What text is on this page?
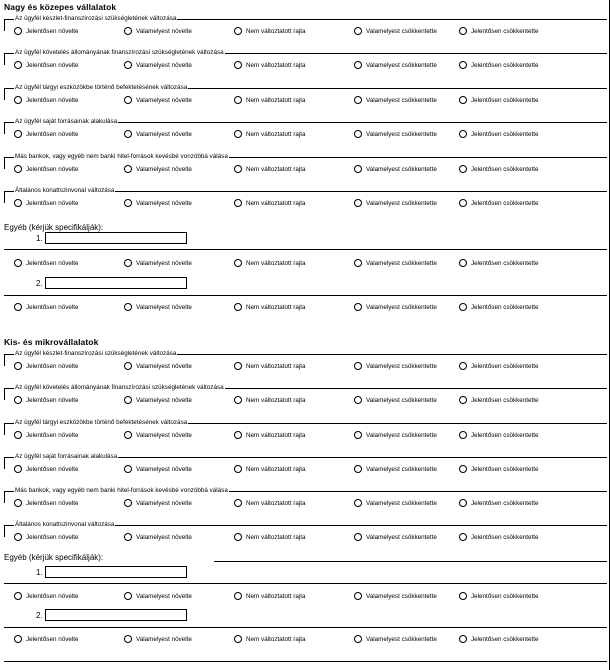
Nagy és közepes vállalatok
Az ügyfél készlet-finanszírozási szükségletének változása
Jelentősen növelte	Valamelyest növelte	Nem változtatott rajta	Valamelyest csökkentette	Jelentősen csökkentette
Az ügyfél követelés állományának finanszírozási szükségletének változása
Jelentősen növelte	Valamelyest növelte	Nem változtatott rajta	Valamelyest csökkentette	Jelentősen csökkentette
Az ügyfél tárgyi eszközökbe történő befektetésének változása
Jelentősen növelte	Valamelyest növelte	Nem változtatott rajta	Valamelyest csökkentette	Jelentősen csökkentette
Az ügyfél saját forrásainak alakulása
Jelentősen növelte	Valamelyest növelte	Nem változtatott rajta	Valamelyest csökkentette	Jelentősen csökkentette
Más bankok, vagy egyéb nem banki hitel-források kevésbé vonzóbbá válása
Jelentősen növelte	Valamelyest növelte	Nem változtatott rajta	Valamelyest csökkentette	Jelentősen csökkentette
Általános konattszinvonal változása
Jelentősen növelte	Valamelyest növelte	Nem változtatott rajta	Valamelyest csökkentette	Jelentősen csökkentette
Egyéb (kérjük specifikálják):
1.
Jelentősen növelte	Valamelyest növelte	Nem változtatott rajta	Valamelyest csökkentette	Jelentősen csökkentette
2.
Jelentősen növelte	Valamelyest növelte	Nem változtatott rajta	Valamelyest csökkentette	Jelentősen csökkentette
Kis- és mikrovállalatok
Az ügyfél készlet-finanszírozási szükségletének változása
Jelentősen növelte	Valamelyest növelte	Nem változtatott rajta	Valamelyest csökkentette	Jelentősen csökkentette
Az ügyfél követelés állományának finanszírozási szükségletének változása
Jelentősen növelte	Valamelyest növelte	Nem változtatott rajta	Valamelyest csökkentette	Jelentősen csökkentette
Az ügyfél tárgyi eszközökbe történő befektetésének változása
Jelentősen növelte	Valamelyest növelte	Nem változtatott rajta	Valamelyest csökkentette	Jelentősen csökkentette
Az ügyfél saját forrásainak alakulása
Jelentősen növelte	Valamelyest növelte	Nem változtatott rajta	Valamelyest csökkentette	Jelentősen csökkentette
Más bankok, vagy egyéb nem banki hitel-források kevésbé vonzóbbá válása
Jelentősen növelte	Valamelyest növelte	Nem változtatott rajta	Valamelyest csökkentette	Jelentősen csökkentette
Általános konattszinvonal változása
Jelentősen növelte	Valamelyest növelte	Nem változtatott rajta	Valamelyest csökkentette	Jelentősen csökkentette
Egyéb (kérjük specifikálják):
1.
Jelentősen növelte	Valamelyest növelte	Nem változtatott rajta	Valamelyest csökkentette	Jelentősen csökkentette
2.
Jelentősen növelte	Valamelyest növelte	Nem változtatott rajta	Valamelyest csökkentette	Jelentősen csökkentette
